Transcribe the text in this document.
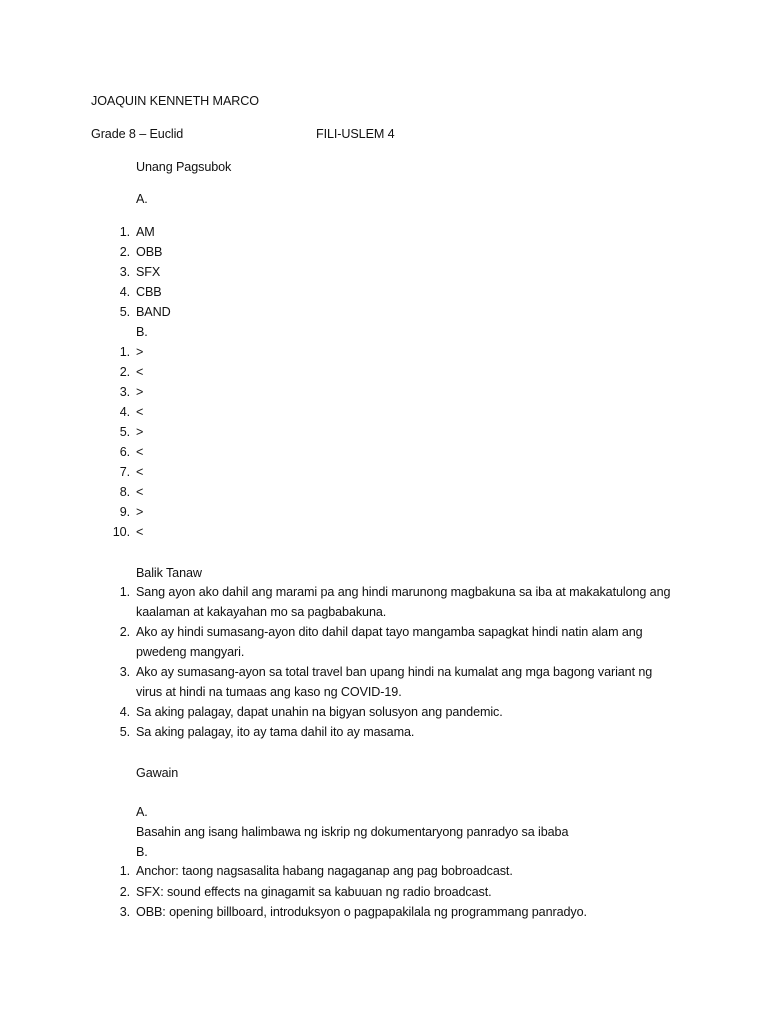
JOAQUIN KENNETH MARCO
Grade 8 – Euclid	FILI-USLEM 4
Unang Pagsubok
A.
1. AM
2. OBB
3. SFX
4. CBB
5. BAND
B.
1. >
2. <
3. >
4. <
5. >
6. <
7. <
8. <
9. >
10. <
Balik Tanaw
1. Sang ayon ako dahil ang marami pa ang hindi marunong magbakuna sa iba at makakatulong ang
kaalaman at kakayahan mo sa pagbabakuna.
2. Ako ay hindi sumasang-ayon dito dahil dapat tayo mangamba sapagkat hindi natin alam ang
pwedeng mangyari.
3. Ako ay sumasang-ayon sa total travel ban upang hindi na kumalat ang mga bagong variant ng
virus at hindi na tumaas ang kaso ng COVID-19.
4. Sa aking palagay, dapat unahin na bigyan solusyon ang pandemic.
5. Sa aking palagay, ito ay tama dahil ito ay masama.
Gawain
A.
Basahin ang isang halimbawa ng iskrip ng dokumentaryong panradyo sa ibaba
B.
1. Anchor: taong nagsasalita habang nagaganap ang pag bobroadcast.
2. SFX: sound effects na ginagamit sa kabuuan ng radio broadcast.
3. OBB: opening billboard, introduksyon o pagpapakilala ng programmang panradyo.
